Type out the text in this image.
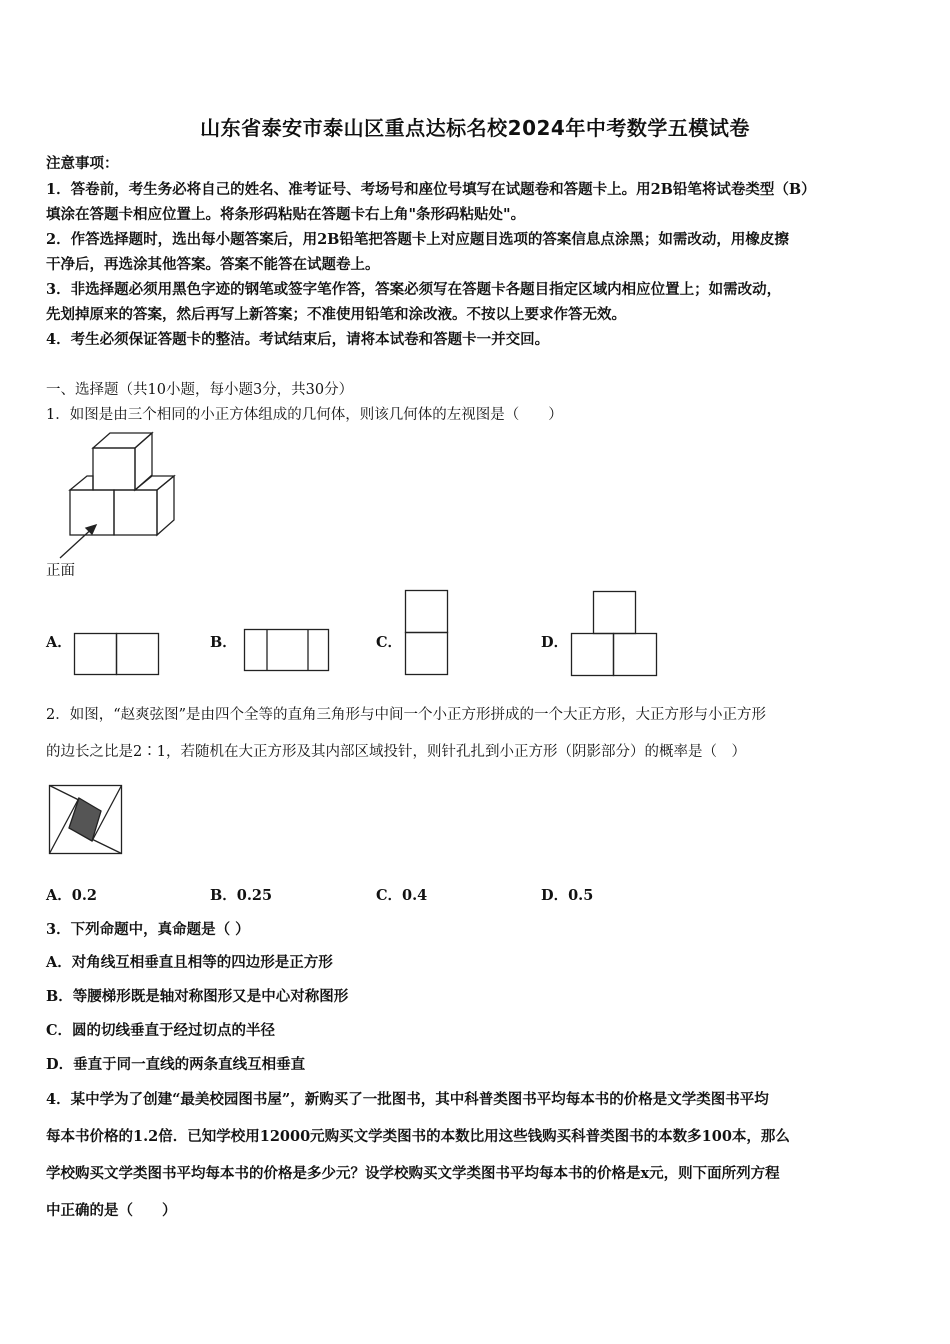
山东省泰安市泰山区重点达标名校2024年中考数学五模试卷
注意事项：
1．答卷前，考生务必将自己的姓名、准考证号、考场号和座位号填写在试题卷和答题卡上。用2B铅笔将试卷类型（B）
填涂在答题卡相应位置上。将条形码粘贴在答题卡右上角"条形码粘贴处"。
2．作答选择题时，选出每小题答案后，用2B铅笔把答题卡上对应题目选项的答案信息点涂黑；如需改动，用橡皮擦
干净后，再选涂其他答案。答案不能答在试题卷上。
3．非选择题必须用黑色字迹的钢笔或签字笔作答，答案必须写在答题卡各题目指定区域内相应位置上；如需改动，
先划掉原来的答案，然后再写上新答案；不准使用铅笔和涂改液。不按以上要求作答无效。
4．考生必须保证答题卡的整洁。考试结束后，请将本试卷和答题卡一并交回。
一、选择题（共10小题，每小题3分，共30分）
1．如图是由三个相同的小正方体组成的几何体，则该几何体的左视图是（　　）
正面
A．	B．	C．	D．
2．如图，“赵爽弦图”是由四个全等的直角三角形与中间一个小正方形拼成的一个大正方形，大正方形与小正方形
的边长之比是2∶1，若随机在大正方形及其内部区域投针，则针孔扎到小正方形（阴影部分）的概率是（　）
A．0.2	B．0.25	C．0.4	D．0.5
3．下列命题中，真命题是（ ）
A．对角线互相垂直且相等的四边形是正方形
B．等腰梯形既是轴对称图形又是中心对称图形
C．圆的切线垂直于经过切点的半径
D．垂直于同一直线的两条直线互相垂直
4．某中学为了创建“最美校园图书屋”，新购买了一批图书，其中科普类图书平均每本书的价格是文学类图书平均
每本书价格的1.2倍．已知学校用12000元购买文学类图书的本数比用这些钱购买科普类图书的本数多100本，那么
学校购买文学类图书平均每本书的价格是多少元？设学校购买文学类图书平均每本书的价格是x元，则下面所列方程
中正确的是（　　）
